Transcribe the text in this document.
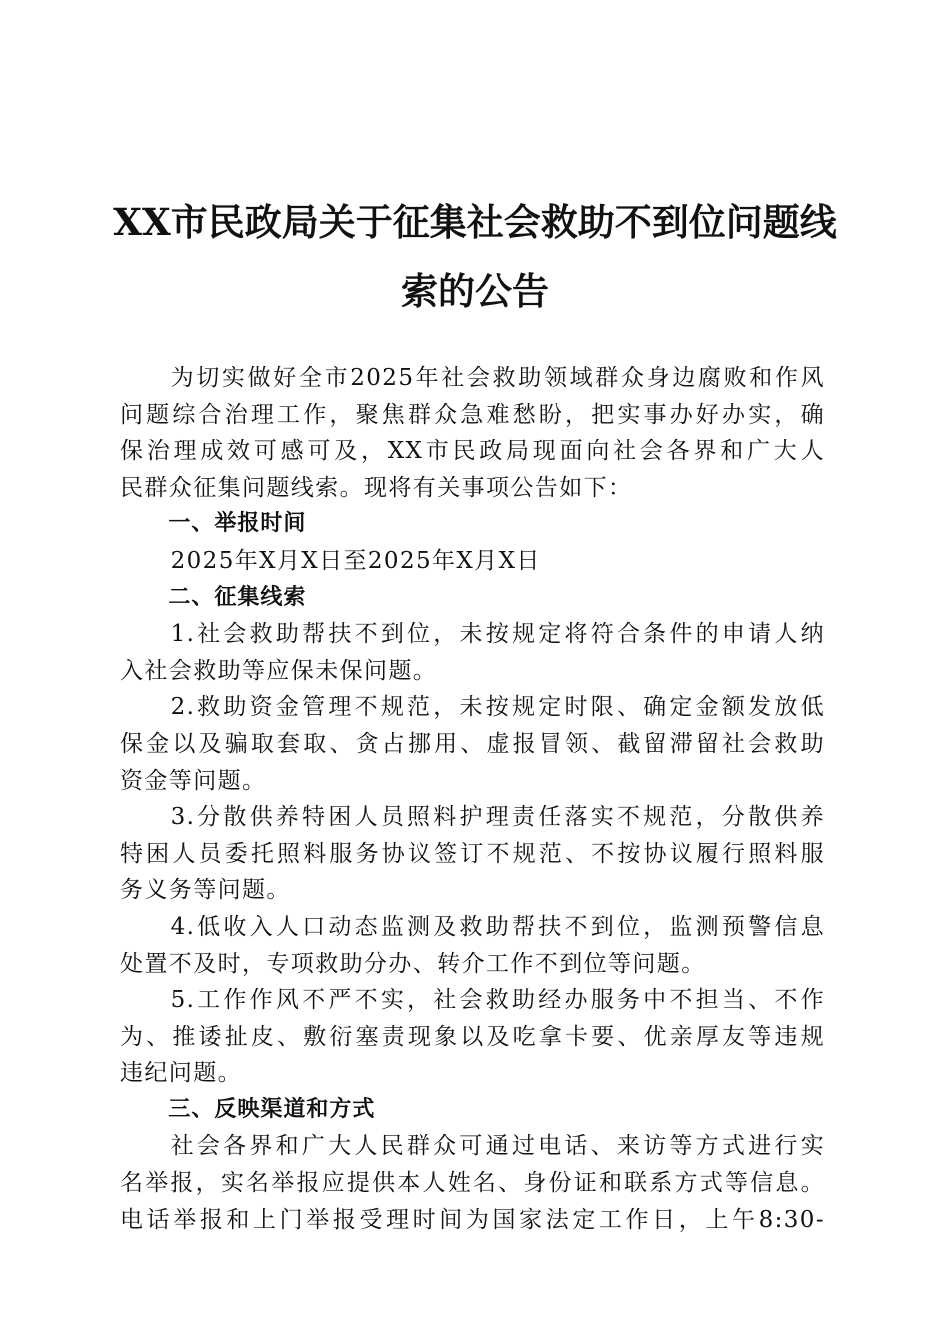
XX市民政局关于征集社会救助不到位问题线
索的公告
为切实做好全市2025年社会救助领域群众身边腐败和作风
问题综合治理工作，聚焦群众急难愁盼，把实事办好办实，确
保治理成效可感可及，XX市民政局现面向社会各界和广大人
民群众征集问题线索。现将有关事项公告如下：
一、举报时间
2025年X月X日至2025年X月X日
二、征集线索
1.社会救助帮扶不到位，未按规定将符合条件的申请人纳
入社会救助等应保未保问题。
2.救助资金管理不规范，未按规定时限、确定金额发放低
保金以及骗取套取、贪占挪用、虚报冒领、截留滞留社会救助
资金等问题。
3.分散供养特困人员照料护理责任落实不规范，分散供养
特困人员委托照料服务协议签订不规范、不按协议履行照料服
务义务等问题。
4.低收入人口动态监测及救助帮扶不到位，监测预警信息
处置不及时，专项救助分办、转介工作不到位等问题。
5.工作作风不严不实，社会救助经办服务中不担当、不作
为、推诿扯皮、敷衍塞责现象以及吃拿卡要、优亲厚友等违规
违纪问题。
三、反映渠道和方式
社会各界和广大人民群众可通过电话、来访等方式进行实
名举报，实名举报应提供本人姓名、身份证和联系方式等信息。
电话举报和上门举报受理时间为国家法定工作日，上午8:30-
